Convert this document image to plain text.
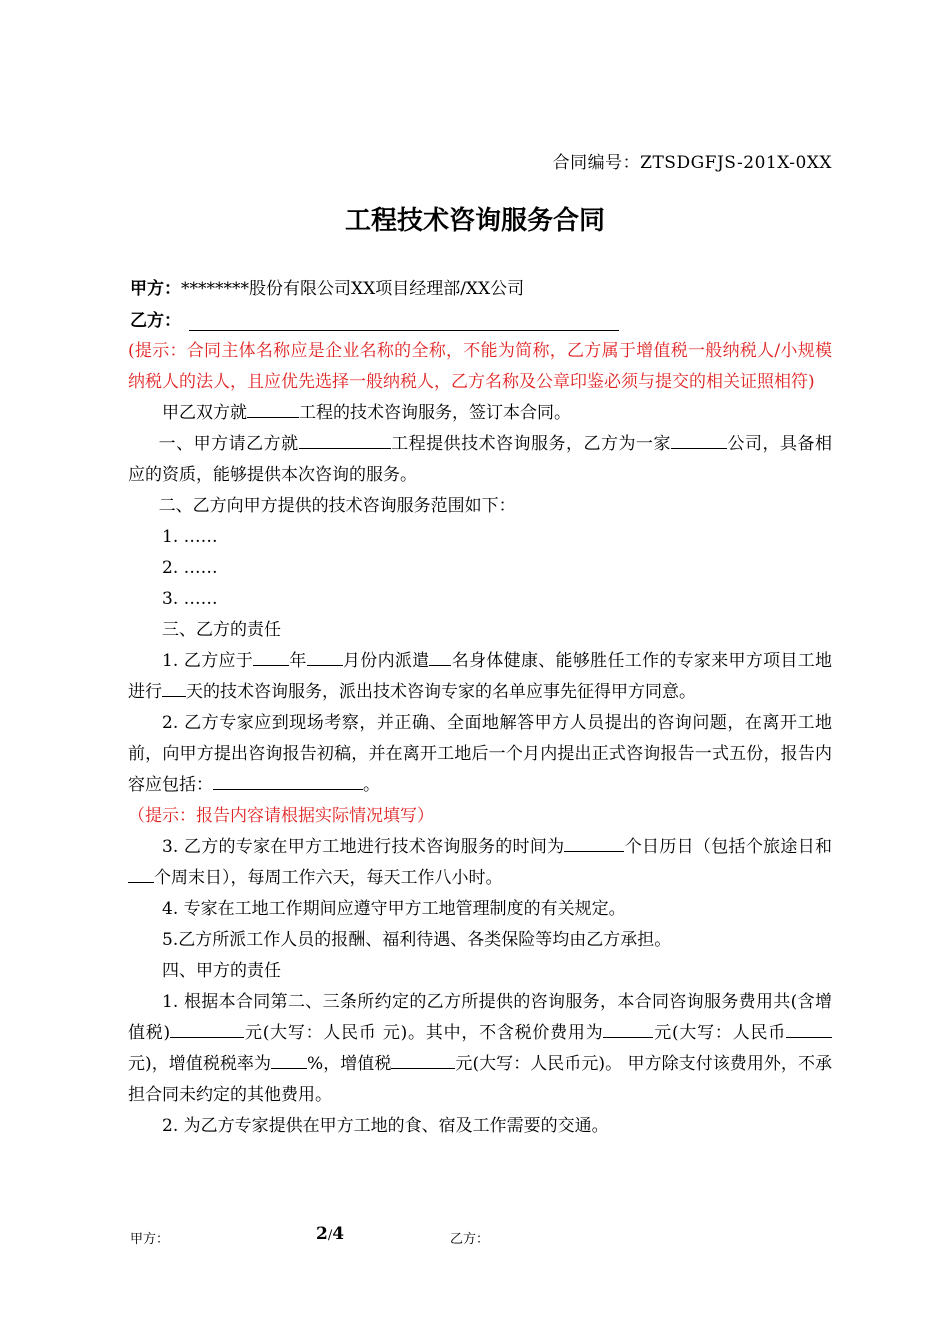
合同编号：ZTSDGFJS-201X-0XX
工程技术咨询服务合同
甲方：********股份有限公司XX项目经理部/XX公司
乙方：

(提示：合同主体名称应是企业名称的全称，不能为简称，乙方属于增值税一般纳税人/小规模纳税人的法人，且应优先选择一般纳税人，乙方名称及公章印鉴必须与提交的相关证照相符)

甲乙双方就	工程的技术咨询服务，签订本合同。

一、甲方请乙方就	工程提供技术咨询服务，乙方为一家	公司，具备相应的资质，能够提供本次咨询的服务。

二、乙方向甲方提供的技术咨询服务范围如下：

1. ……

2. ……

3. ……

三、乙方的责任

1. 乙方应于 年 月份内派遣 名身体健康、能够胜任工作的专家来甲方项目工地进行 天的技术咨询服务，派出技术咨询专家的名单应事先征得甲方同意。

2. 乙方专家应到现场考察，并正确、全面地解答甲方人员提出的咨询问题，在离开工地前，向甲方提出咨询报告初稿，并在离开工地后一个月内提出正式咨询报告一式五份，报告内容应包括：	。

（提示：报告内容请根据实际情况填写）

3. 乙方的专家在甲方工地进行技术咨询服务的时间为	个日历日（包括个旅途日和个周末日），每周工作六天，每天工作八小时。

4. 专家在工地工作期间应遵守甲方工地管理制度的有关规定。

5.乙方所派工作人员的报酬、福利待遇、各类保险等均由乙方承担。

四、甲方的责任

1. 根据本合同第二、三条所约定的乙方所提供的咨询服务，本合同咨询服务费用共(含增值税)	元(大写：人民币 元)。其中，不含税价费用为	元(大写：人民币元)，增值税税率为 %，增值税	元(大写：人民币元)。 甲方除支付该费用外，不承担合同未约定的其他费用。

2. 为乙方专家提供在甲方工地的食、宿及工作需要的交通。

甲方：	2/4	乙方：
